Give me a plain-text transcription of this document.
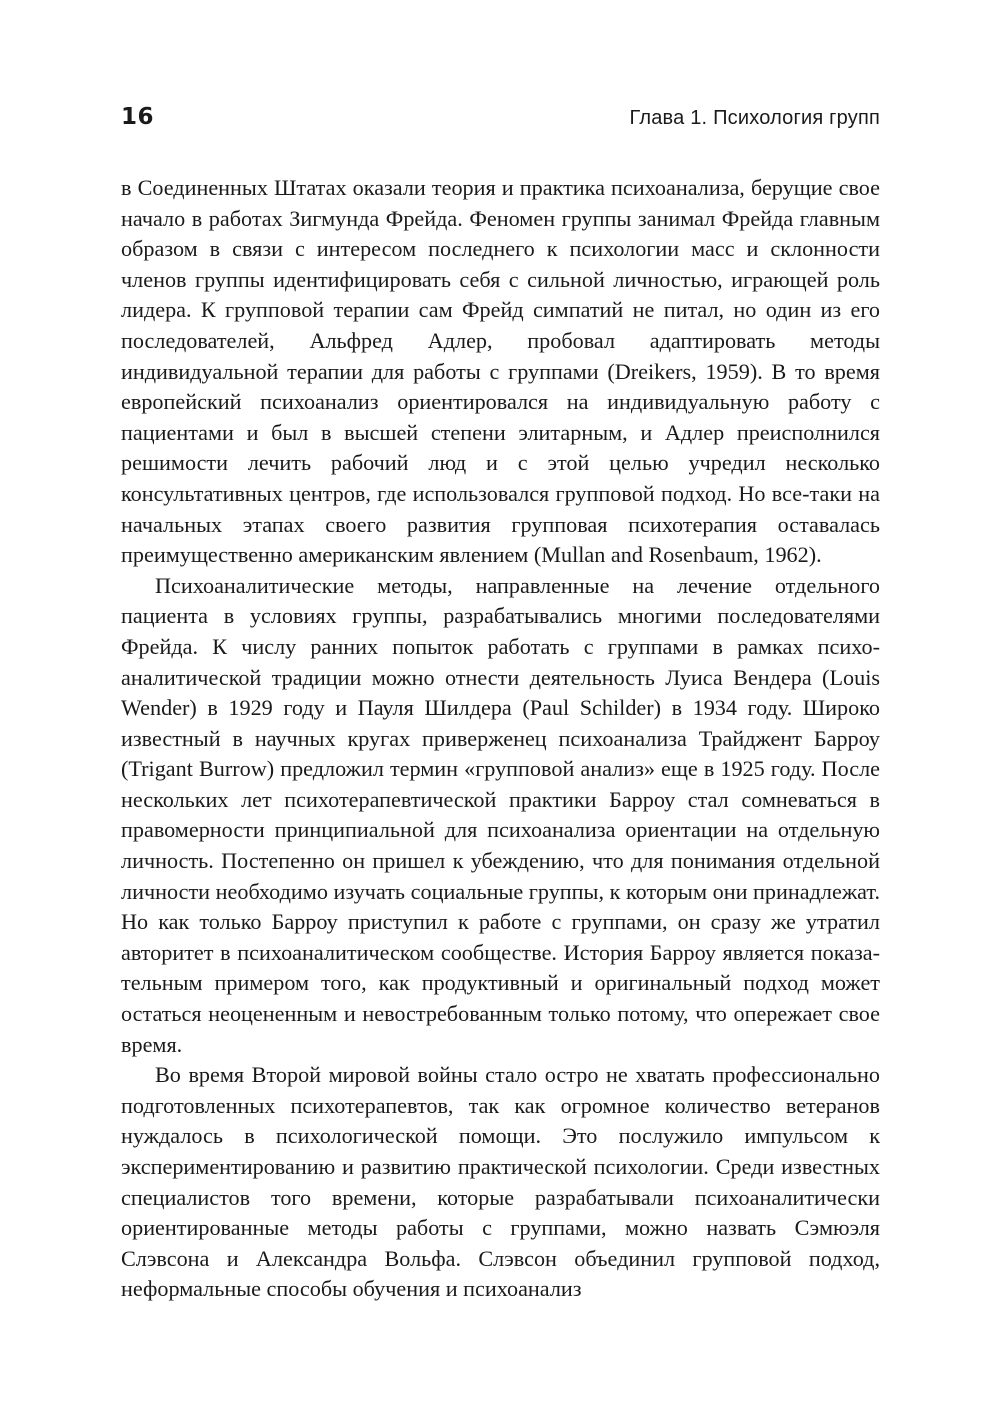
16	Глава 1. Психология групп

в Соединенных Штатах оказали теория и практика психоанализа, берущие свое начало в работах Зигмунда Фрейда. Феномен группы занимал Фрейда главным образом в связи с интересом последнего к психологии масс и склонности членов группы идентифицировать себя с сильной личностью, играющей роль лидера. К групповой терапии сам Фрейд симпатий не питал, но один из его последователей, Альфред Адлер, пробовал адаптировать методы индивидуальной терапии для работы с группами (Dreikers, 1959). В то время европейский психоанализ ориентировался на индивидуальную работу с пациентами и был в высшей степени элитарным, и Адлер преисполнился решимости лечить рабочий люд и с этой целью учредил несколько консультативных центров, где использовался групповой подход. Но все-таки на начальных этапах своего развития групповая психотерапия оставалась преимущественно американским явлением (Mullan and Rosenbaum, 1962).

Психоаналитические методы, направленные на лечение отдельного пациента в условиях группы, разрабатывались многими последователями Фрейда. К числу ранних попыток работать с группами в рамках психоаналитической традиции можно отнести деятельность Луиса Вендера (Louis Wender) в 1929 году и Пауля Шилдера (Paul Schilder) в 1934 году. Широко известный в научных кругах приверженец психоанализа Трайджент Барроу (Trigant Burrow) предложил термин «групповой анализ» еще в 1925 году. После нескольких лет психотерапевтической практики Барроу стал сомневаться в правомерности принципиальной для психоанализа ориентации на отдельную личность. Постепенно он пришел к убеждению, что для понимания отдельной личности необходимо изучать социальные группы, к которым они принадлежат. Но как только Барроу приступил к работе с группами, он сразу же утратил авторитет в психоаналитическом сообществе. История Барроу является показательным примером того, как продуктивный и оригинальный подход может остаться неоцененным и невостребованным только потому, что опережает свое время.

Во время Второй мировой войны стало остро не хватать профессионально подготовленных психотерапевтов, так как огромное количество ветеранов нуждалось в психологической помощи. Это послужило импульсом к экспериментированию и развитию практической психологии. Среди известных специалистов того времени, которые разрабатывали психоаналитически ориентированные методы работы с группами, можно назвать Сэмюэля Слэвсона и Александра Вольфа. Слэвсон объединил групповой подход, неформальные способы обучения и психоанализ
